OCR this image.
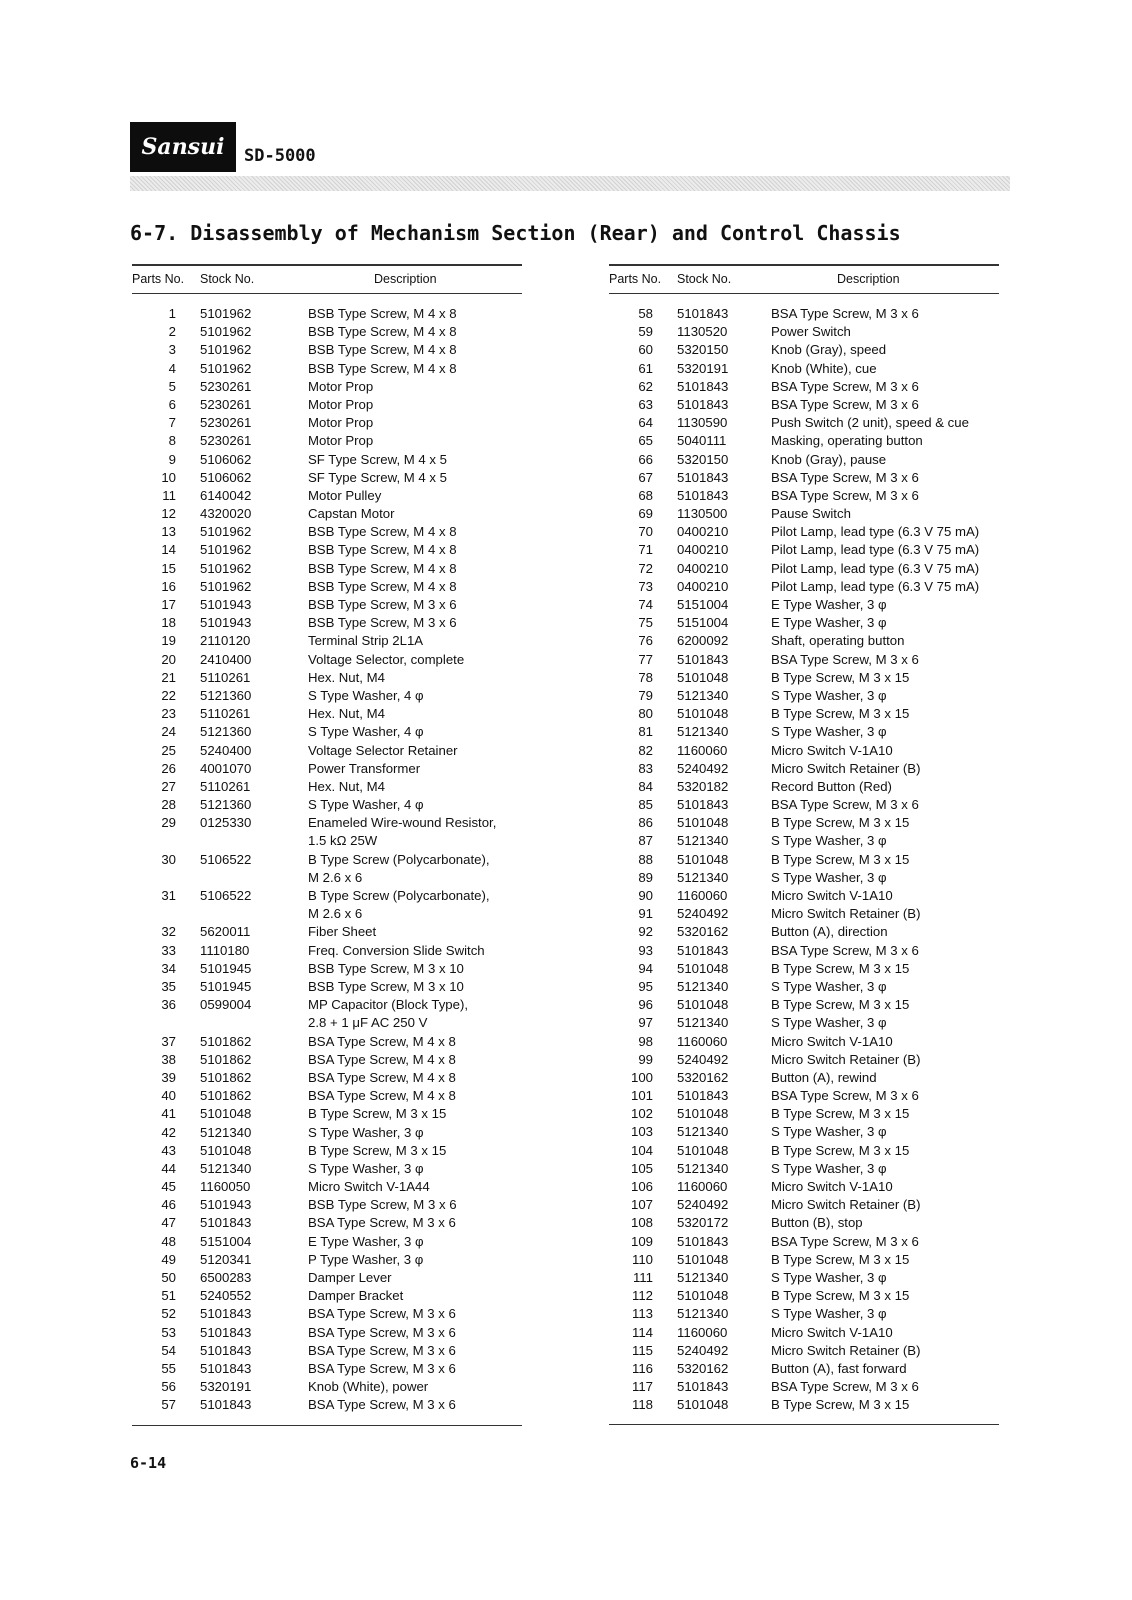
Sansui	SD-5000
6-7. Disassembly of Mechanism Section (Rear) and Control Chassis
Parts No. Stock No.	Description
1 5101962	BSB Type Screw, M 4 x 8
2 5101962	BSB Type Screw, M 4 x 8
3 5101962	BSB Type Screw, M 4 x 8
4 5101962	BSB Type Screw, M 4 x 8
5 5230261	Motor Prop
6 5230261	Motor Prop
7 5230261	Motor Prop
8 5230261	Motor Prop
9 5106062	SF Type Screw, M 4 x 5
10 5106062	SF Type Screw, M 4 x 5
11 6140042	Motor Pulley
12 4320020	Capstan Motor
13 5101962	BSB Type Screw, M 4 x 8
14 5101962	BSB Type Screw, M 4 x 8
15 5101962	BSB Type Screw, M 4 x 8
16 5101962	BSB Type Screw, M 4 x 8
17 5101943	BSB Type Screw, M 3 x 6
18 5101943	BSB Type Screw, M 3 x 6
19 2110120	Terminal Strip 2L1A
20 2410400	Voltage Selector, complete
21 5110261	Hex. Nut, M4
22 5121360	S Type Washer, 4 φ
23 5110261	Hex. Nut, M4
24 5121360	S Type Washer, 4 φ
25 5240400	Voltage Selector Retainer
26 4001070	Power Transformer
27 5110261	Hex. Nut, M4
28 5121360	S Type Washer, 4 φ
29 0125330	Enameled Wire-wound Resistor,
1.5 kΩ 25W
30 5106522	B Type Screw (Polycarbonate),
M 2.6 x 6
31 5106522	B Type Screw (Polycarbonate),
M 2.6 x 6
32 5620011	Fiber Sheet
33 1110180	Freq. Conversion Slide Switch
34 5101945	BSB Type Screw, M 3 x 10
35 5101945	BSB Type Screw, M 3 x 10
36 0599004	MP Capacitor (Block Type),
2.8 + 1 μF AC 250 V
37 5101862	BSA Type Screw, M 4 x 8
38 5101862	BSA Type Screw, M 4 x 8
39 5101862	BSA Type Screw, M 4 x 8
40 5101862	BSA Type Screw, M 4 x 8
41 5101048	B Type Screw, M 3 x 15
42 5121340	S Type Washer, 3 φ
43 5101048	B Type Screw, M 3 x 15
44 5121340	S Type Washer, 3 φ
45 1160050	Micro Switch V-1A44
46 5101943	BSB Type Screw, M 3 x 6
47 5101843	BSA Type Screw, M 3 x 6
48 5151004	E Type Washer, 3 φ
49 5120341	P Type Washer, 3 φ
50 6500283	Damper Lever
51 5240552	Damper Bracket
52 5101843	BSA Type Screw, M 3 x 6
53 5101843	BSA Type Screw, M 3 x 6
54 5101843	BSA Type Screw, M 3 x 6
55 5101843	BSA Type Screw, M 3 x 6
56 5320191	Knob (White), power
57 5101843	BSA Type Screw, M 3 x 6
Parts No. Stock No.	Description
58 5101843	BSA Type Screw, M 3 x 6
59 1130520	Power Switch
60 5320150	Knob (Gray), speed
61 5320191	Knob (White), cue
62 5101843	BSA Type Screw, M 3 x 6
63 5101843	BSA Type Screw, M 3 x 6
64 1130590	Push Switch (2 unit), speed & cue
65 5040111	Masking, operating button
66 5320150	Knob (Gray), pause
67 5101843	BSA Type Screw, M 3 x 6
68 5101843	BSA Type Screw, M 3 x 6
69 1130500	Pause Switch
70 0400210	Pilot Lamp, lead type (6.3 V 75 mA)
71 0400210	Pilot Lamp, lead type (6.3 V 75 mA)
72 0400210	Pilot Lamp, lead type (6.3 V 75 mA)
73 0400210	Pilot Lamp, lead type (6.3 V 75 mA)
74 5151004	E Type Washer, 3 φ
75 5151004	E Type Washer, 3 φ
76 6200092	Shaft, operating button
77 5101843	BSA Type Screw, M 3 x 6
78 5101048	B Type Screw, M 3 x 15
79 5121340	S Type Washer, 3 φ
80 5101048	B Type Screw, M 3 x 15
81 5121340	S Type Washer, 3 φ
82 1160060	Micro Switch V-1A10
83 5240492	Micro Switch Retainer (B)
84 5320182	Record Button (Red)
85 5101843	BSA Type Screw, M 3 x 6
86 5101048	B Type Screw, M 3 x 15
87 5121340	S Type Washer, 3 φ
88 5101048	B Type Screw, M 3 x 15
89 5121340	S Type Washer, 3 φ
90 1160060	Micro Switch V-1A10
91 5240492	Micro Switch Retainer (B)
92 5320162	Button (A), direction
93 5101843	BSA Type Screw, M 3 x 6
94 5101048	B Type Screw, M 3 x 15
95 5121340	S Type Washer, 3 φ
96 5101048	B Type Screw, M 3 x 15
97 5121340	S Type Washer, 3 φ
98 1160060	Micro Switch V-1A10
99 5240492	Micro Switch Retainer (B)
100 5320162	Button (A), rewind
101 5101843	BSA Type Screw, M 3 x 6
102 5101048	B Type Screw, M 3 x 15
103 5121340	S Type Washer, 3 φ
104 5101048	B Type Screw, M 3 x 15
105 5121340	S Type Washer, 3 φ
106 1160060	Micro Switch V-1A10
107 5240492	Micro Switch Retainer (B)
108 5320172	Button (B), stop
109 5101843	BSA Type Screw, M 3 x 6
110 5101048	B Type Screw, M 3 x 15
111 5121340	S Type Washer, 3 φ
112 5101048	B Type Screw, M 3 x 15
113 5121340	S Type Washer, 3 φ
114 1160060	Micro Switch V-1A10
115 5240492	Micro Switch Retainer (B)
116 5320162	Button (A), fast forward
117 5101843	BSA Type Screw, M 3 x 6
118 5101048	B Type Screw, M 3 x 15
6-14
